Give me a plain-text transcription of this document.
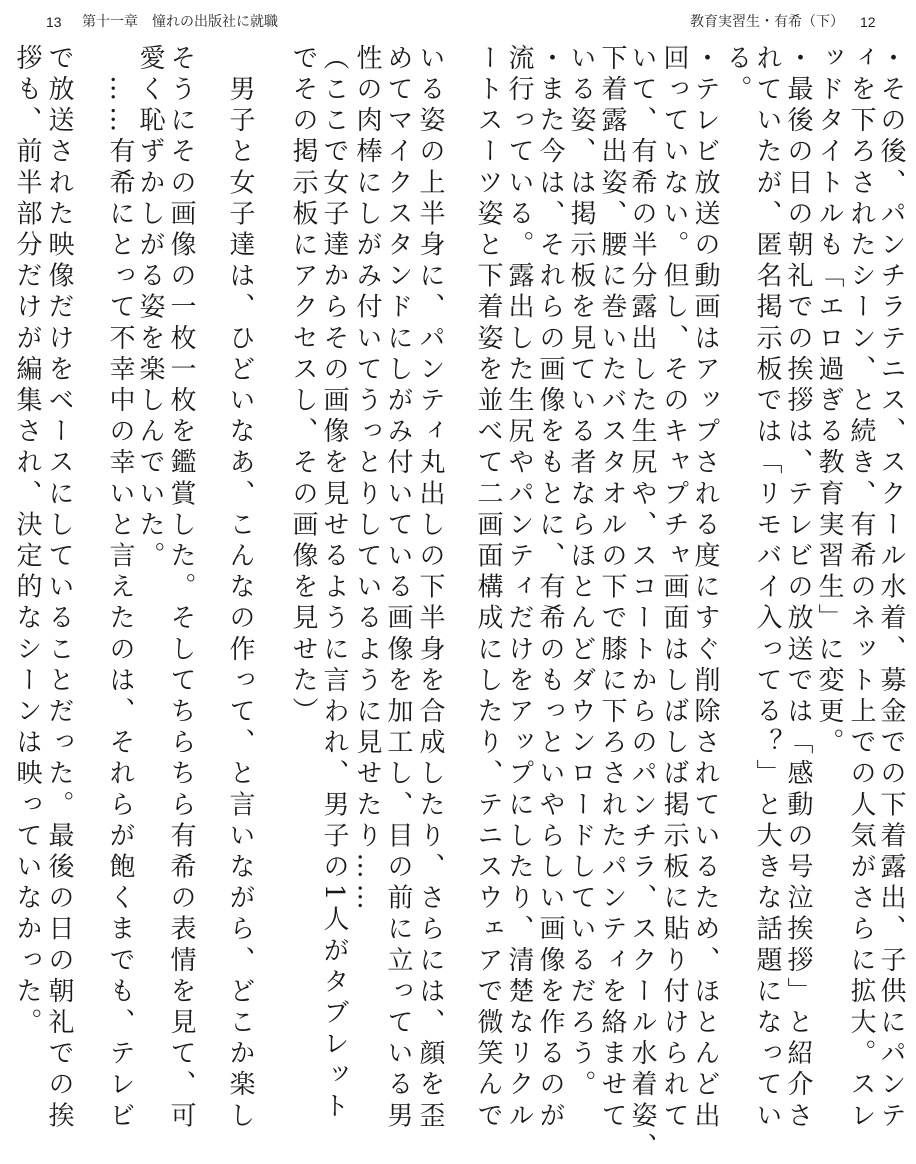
13 第十一章　憧れの出版社に就職	教育実習生・有希（下） 12
・その後、パンチラテニス、スクール水着、募金での下着露出、子供にパンテ
ィを下ろされたシーン、と続き、有希のネット上での人気がさらに拡大。スレ
ッドタイトルも「エロ過ぎる教育実習生」に変更。
・最後の日の朝礼での挨拶は、テレビの放送では「感動の号泣挨拶」と紹介さ
れていたが、匿名掲示板では「リモバイ入ってる？」と大きな話題になってい
る。
・テレビ放送の動画はアップされる度にすぐ削除されているため、ほとんど出
回っていない。但し、そのキャプチャ画面はしばしば掲示板に貼り付けられて
いて、有希の半分露出した生尻や、スコートからのパンチラ、スクール水着姿、
下着露出姿、腰に巻いたバスタオルの下で膝に下ろされたパンティを絡ませて
いる姿、は掲示板を見ている者ならほとんどダウンロードしているだろう。
・また今は、それらの画像をもとに、有希のもっといやらしい画像を作るのが
流行っている。露出した生尻やパンティだけをアップにしたり、清楚なリクル
ートスーツ姿と下着姿を並べて二画面構成にしたり、テニスウェアで微笑んで
いる姿の上半身に、パンティ丸出しの下半身を合成したり、さらには、顔を歪
めてマイクスタンドにしがみ付いている画像を加工し、目の前に立っている男
性の肉棒にしがみ付いてうっとりしているように見せたり……
（ここで女子達からその画像を見せるように言われ、男子の1人がタブレット
でその掲示板にアクセスし、その画像を見せた）
　男子と女子達は、ひどいなあ、こんなの作って、と言いながら、どこか楽し
そうにその画像の一枚一枚を鑑賞した。そしてちらちら有希の表情を見て、可
愛く恥ずかしがる姿を楽しんでいた。
　……有希にとって不幸中の幸いと言えたのは、それらが飽くまでも、テレビ
で放送された映像だけをベースにしていることだった。最後の日の朝礼での挨
拶も、前半部分だけが編集され、決定的なシーンは映っていなかった。
